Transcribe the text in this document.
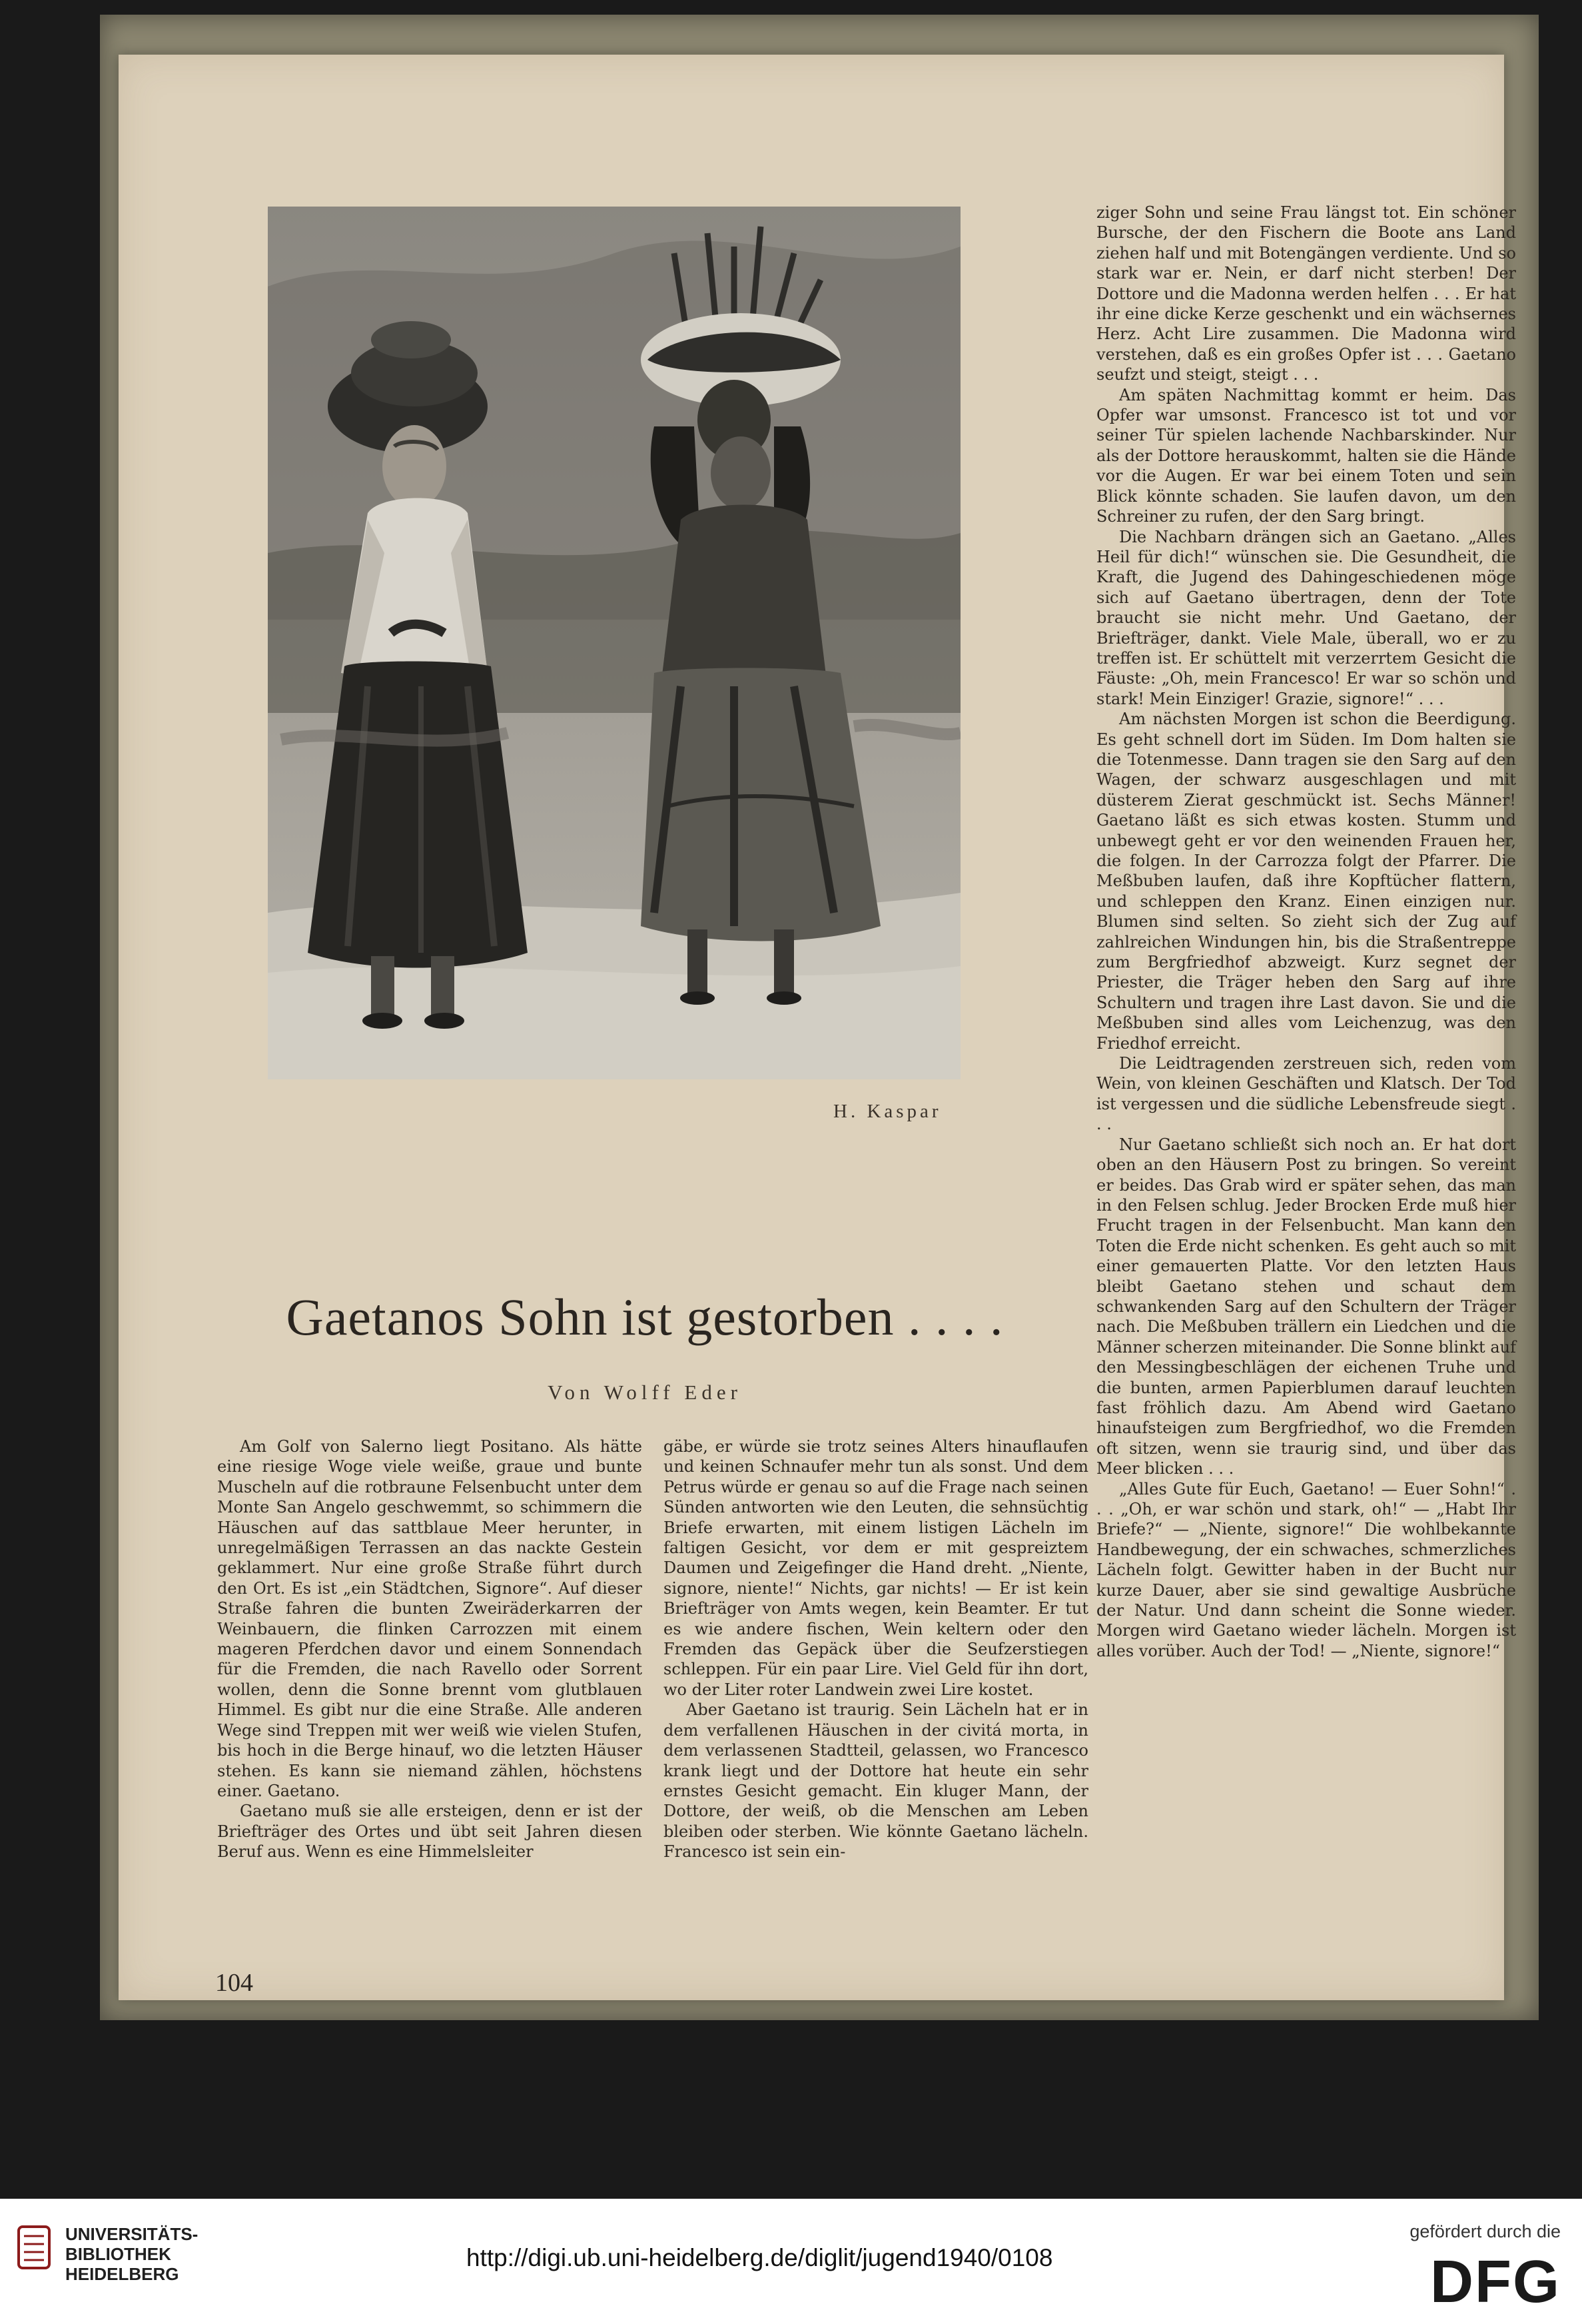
H. Kaspar
Gaetanos Sohn ist gestorben . . . .
Von Wolff Eder

Am Golf von Salerno liegt Positano. Als hätte eine riesige Woge viele weiße, graue und bunte Muscheln auf die rotbraune Felsenbucht unter dem Monte San Angelo geschwemmt, so schimmern die Häuschen auf das sattblaue Meer herunter, in unregelmäßigen Terrassen an das nackte Gestein geklammert. Nur eine große Straße führt durch den Ort. Es ist „ein Städtchen, Signore“. Auf dieser Straße fahren die bunten Zweiräderkarren der Weinbauern, die flinken Carrozzen mit einem mageren Pferdchen davor und einem Sonnendach für die Fremden, die nach Ravello oder Sorrent wollen, denn die Sonne brennt vom glutblauen Himmel. Es gibt nur die eine Straße. Alle anderen Wege sind Treppen mit wer weiß wie vielen Stufen, bis hoch in die Berge hinauf, wo die letzten Häuser stehen. Es kann sie niemand zählen, höchstens einer. Gaetano.

Gaetano muß sie alle ersteigen, denn er ist der Briefträger des Ortes und übt seit Jahren diesen Beruf aus. Wenn es eine Himmelsleiter

gäbe, er würde sie trotz seines Alters hinauflaufen und keinen Schnaufer mehr tun als sonst. Und dem Petrus würde er genau so auf die Frage nach seinen Sünden antworten wie den Leuten, die sehnsüchtig Briefe erwarten, mit einem listigen Lächeln im faltigen Gesicht, vor dem er mit gespreiztem Daumen und Zeigefinger die Hand dreht. „Niente, signore, niente!“ Nichts, gar nichts! — Er ist kein Briefträger von Amts wegen, kein Beamter. Er tut es wie andere fischen, Wein keltern oder den Fremden das Gepäck über die Seufzerstiegen schleppen. Für ein paar Lire. Viel Geld für ihn dort, wo der Liter roter Landwein zwei Lire kostet.

Aber Gaetano ist traurig. Sein Lächeln hat er in dem verfallenen Häuschen in der civitá morta, in dem verlassenen Stadtteil, gelassen, wo Francesco krank liegt und der Dottore hat heute ein sehr ernstes Gesicht gemacht. Ein kluger Mann, der Dottore, der weiß, ob die Menschen am Leben bleiben oder sterben. Wie könnte Gaetano lächeln. Francesco ist sein ein-

ziger Sohn und seine Frau längst tot. Ein schöner Bursche, der den Fischern die Boote ans Land ziehen half und mit Botengängen verdiente. Und so stark war er. Nein, er darf nicht sterben! Der Dottore und die Madonna werden helfen . . . Er hat ihr eine dicke Kerze geschenkt und ein wächsernes Herz. Acht Lire zusammen. Die Madonna wird verstehen, daß es ein großes Opfer ist . . . Gaetano seufzt und steigt, steigt . . .

Am späten Nachmittag kommt er heim. Das Opfer war umsonst. Francesco ist tot und vor seiner Tür spielen lachende Nachbarskinder. Nur als der Dottore herauskommt, halten sie die Hände vor die Augen. Er war bei einem Toten und sein Blick könnte schaden. Sie laufen davon, um den Schreiner zu rufen, der den Sarg bringt.

Die Nachbarn drängen sich an Gaetano. „Alles Heil für dich!“ wünschen sie. Die Gesundheit, die Kraft, die Jugend des Dahingeschiedenen möge sich auf Gaetano übertragen, denn der Tote braucht sie nicht mehr. Und Gaetano, der Briefträger, dankt. Viele Male, überall, wo er zu treffen ist. Er schüttelt mit verzerrtem Gesicht die Fäuste: „Oh, mein Francesco! Er war so schön und stark! Mein Einziger! Grazie, signore!“ . . .

Am nächsten Morgen ist schon die Beerdigung. Es geht schnell dort im Süden. Im Dom halten sie die Totenmesse. Dann tragen sie den Sarg auf den Wagen, der schwarz ausgeschlagen und mit düsterem Zierat geschmückt ist. Sechs Männer! Gaetano läßt es sich etwas kosten. Stumm und unbewegt geht er vor den weinenden Frauen her, die folgen. In der Carrozza folgt der Pfarrer. Die Meßbuben laufen, daß ihre Kopftücher flattern, und schleppen den Kranz. Einen einzigen nur. Blumen sind selten. So zieht sich der Zug auf zahlreichen Windungen hin, bis die Straßentreppe zum Bergfriedhof abzweigt. Kurz segnet der Priester, die Träger heben den Sarg auf ihre Schultern und tragen ihre Last davon. Sie und die Meßbuben sind alles vom Leichenzug, was den Friedhof erreicht.

Die Leidtragenden zerstreuen sich, reden vom Wein, von kleinen Geschäften und Klatsch. Der Tod ist vergessen und die südliche Lebensfreude siegt . . .

Nur Gaetano schließt sich noch an. Er hat dort oben an den Häusern Post zu bringen. So vereint er beides. Das Grab wird er später sehen, das man in den Felsen schlug. Jeder Brocken Erde muß hier Frucht tragen in der Felsenbucht. Man kann den Toten die Erde nicht schenken. Es geht auch so mit einer gemauerten Platte. Vor den letzten Haus bleibt Gaetano stehen und schaut dem schwankenden Sarg auf den Schultern der Träger nach. Die Meßbuben trällern ein Liedchen und die Männer scherzen miteinander. Die Sonne blinkt auf den Messingbeschlägen der eichenen Truhe und die bunten, armen Papierblumen darauf leuchten fast fröhlich dazu. Am Abend wird Gaetano hinaufsteigen zum Bergfriedhof, wo die Fremden oft sitzen, wenn sie traurig sind, und über das Meer blicken . . .

„Alles Gute für Euch, Gaetano! — Euer Sohn!“ . . . „Oh, er war schön und stark, oh!“ — „Habt Ihr Briefe?“ — „Niente, signore!“ Die wohlbekannte Handbewegung, der ein schwaches, schmerzliches Lächeln folgt. Gewitter haben in der Bucht nur kurze Dauer, aber sie sind gewaltige Ausbrüche der Natur. Und dann scheint die Sonne wieder. Morgen wird Gaetano wieder lächeln. Morgen ist alles vorüber. Auch der Tod! — „Niente, signore!“

104
UNIVERSITÄTS-
BIBLIOTHEK
HEIDELBERG
http://digi.ub.uni-heidelberg.de/diglit/jugend1940/0108
gefördert durch die
DFG
